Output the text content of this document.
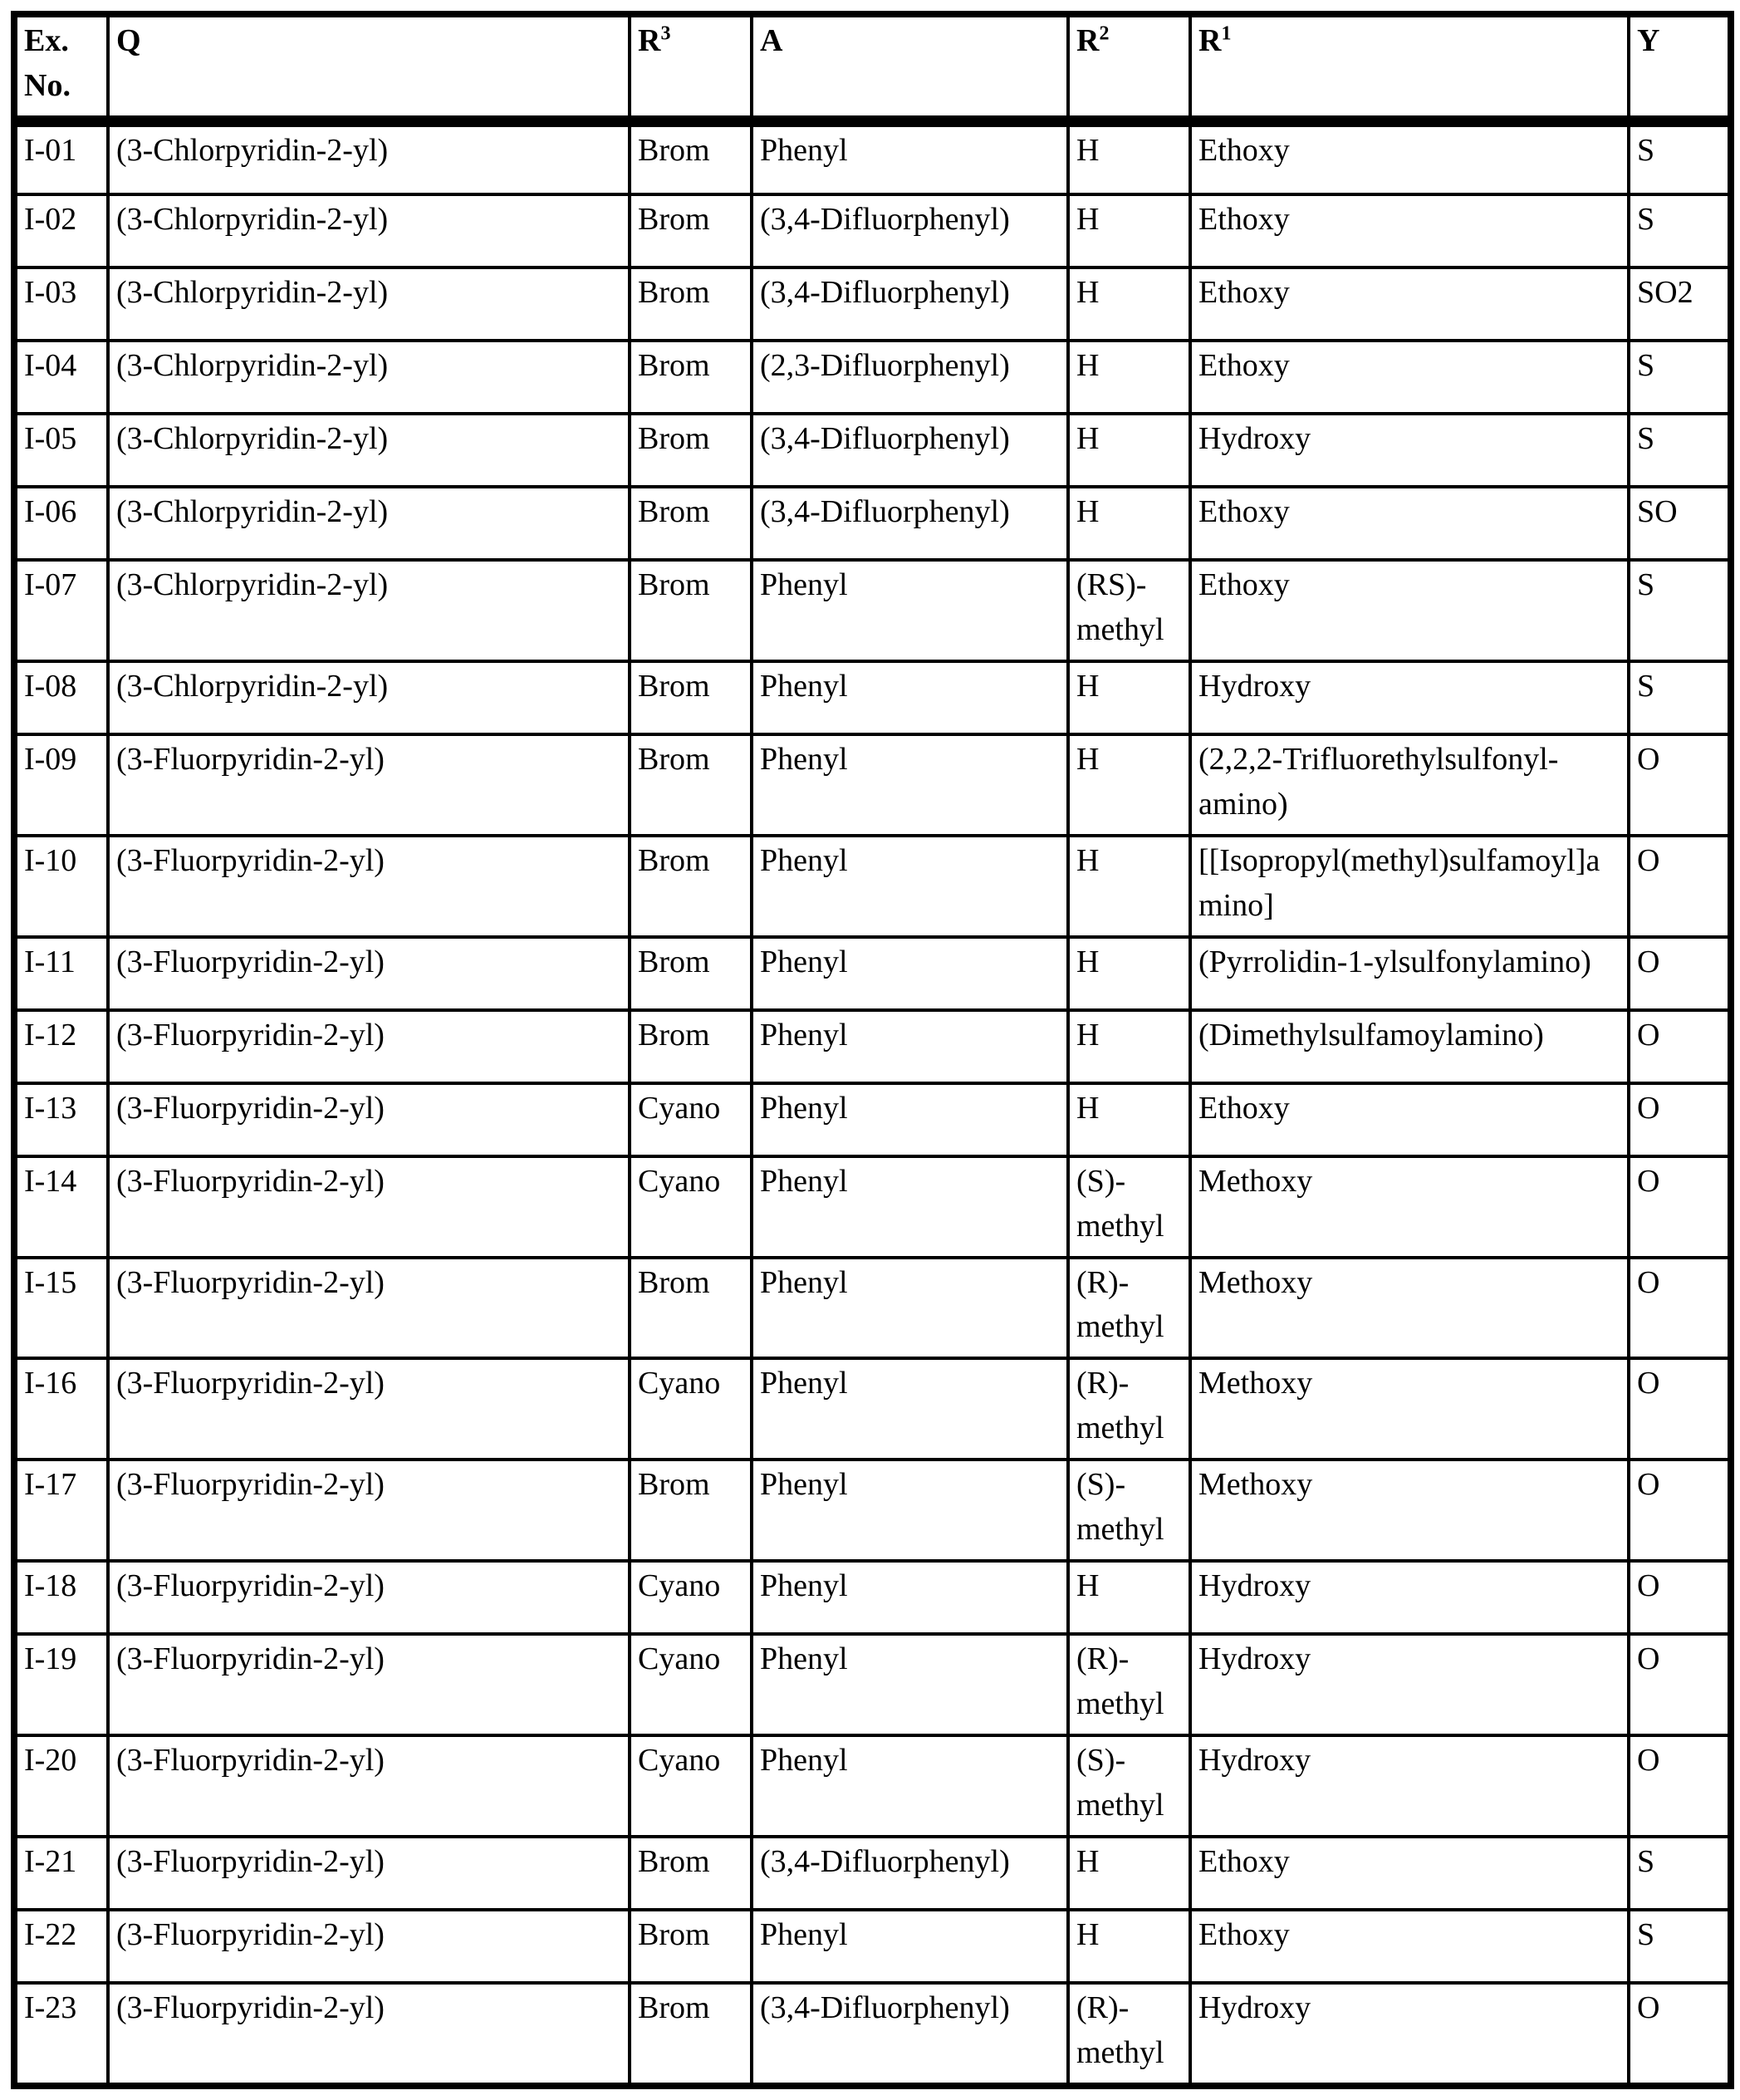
Ex. No.	Q	$R^3$	A	$R^2$	$R^1$	Y
I-01	(3-Chlorpyridin-2-yl)	Brom	Phenyl	H	Ethoxy	S
I-02	(3-Chlorpyridin-2-yl)	Brom	(3,4-Difluorphenyl)	H	Ethoxy	S
I-03	(3-Chlorpyridin-2-yl)	Brom	(3,4-Difluorphenyl)	H	Ethoxy	SO2
I-04	(3-Chlorpyridin-2-yl)	Brom	(2,3-Difluorphenyl)	H	Ethoxy	S
I-05	(3-Chlorpyridin-2-yl)	Brom	(3,4-Difluorphenyl)	H	Hydroxy	S
I-06	(3-Chlorpyridin-2-yl)	Brom	(3,4-Difluorphenyl)	H	Ethoxy	SO
I-07	(3-Chlorpyridin-2-yl)	Brom	Phenyl	(RS)-methyl	Ethoxy	S
I-08	(3-Chlorpyridin-2-yl)	Brom	Phenyl	H	Hydroxy	S
I-09	(3-Fluorpyridin-2-yl)	Brom	Phenyl	H	(2,2,2-Trifluorethylsulfonyl-amino)	O
I-10	(3-Fluorpyridin-2-yl)	Brom	Phenyl	H	[[Isopropyl(methyl)sulfamoyl]amino]	O
I-11	(3-Fluorpyridin-2-yl)	Brom	Phenyl	H	(Pyrrolidin-1-ylsulfonylamino)	O
I-12	(3-Fluorpyridin-2-yl)	Brom	Phenyl	H	(Dimethylsulfamoylamino)	O
I-13	(3-Fluorpyridin-2-yl)	Cyano	Phenyl	H	Ethoxy	O
I-14	(3-Fluorpyridin-2-yl)	Cyano	Phenyl	(S)-methyl	Methoxy	O
I-15	(3-Fluorpyridin-2-yl)	Brom	Phenyl	(R)-methyl	Methoxy	O
I-16	(3-Fluorpyridin-2-yl)	Cyano	Phenyl	(R)-methyl	Methoxy	O
I-17	(3-Fluorpyridin-2-yl)	Brom	Phenyl	(S)-methyl	Methoxy	O
I-18	(3-Fluorpyridin-2-yl)	Cyano	Phenyl	H	Hydroxy	O
I-19	(3-Fluorpyridin-2-yl)	Cyano	Phenyl	(R)-methyl	Hydroxy	O
I-20	(3-Fluorpyridin-2-yl)	Cyano	Phenyl	(S)-methyl	Hydroxy	O
I-21	(3-Fluorpyridin-2-yl)	Brom	(3,4-Difluorphenyl)	H	Ethoxy	S
I-22	(3-Fluorpyridin-2-yl)	Brom	Phenyl	H	Ethoxy	S
I-23	(3-Fluorpyridin-2-yl)	Brom	(3,4-Difluorphenyl)	(R)-methyl	Hydroxy	O
